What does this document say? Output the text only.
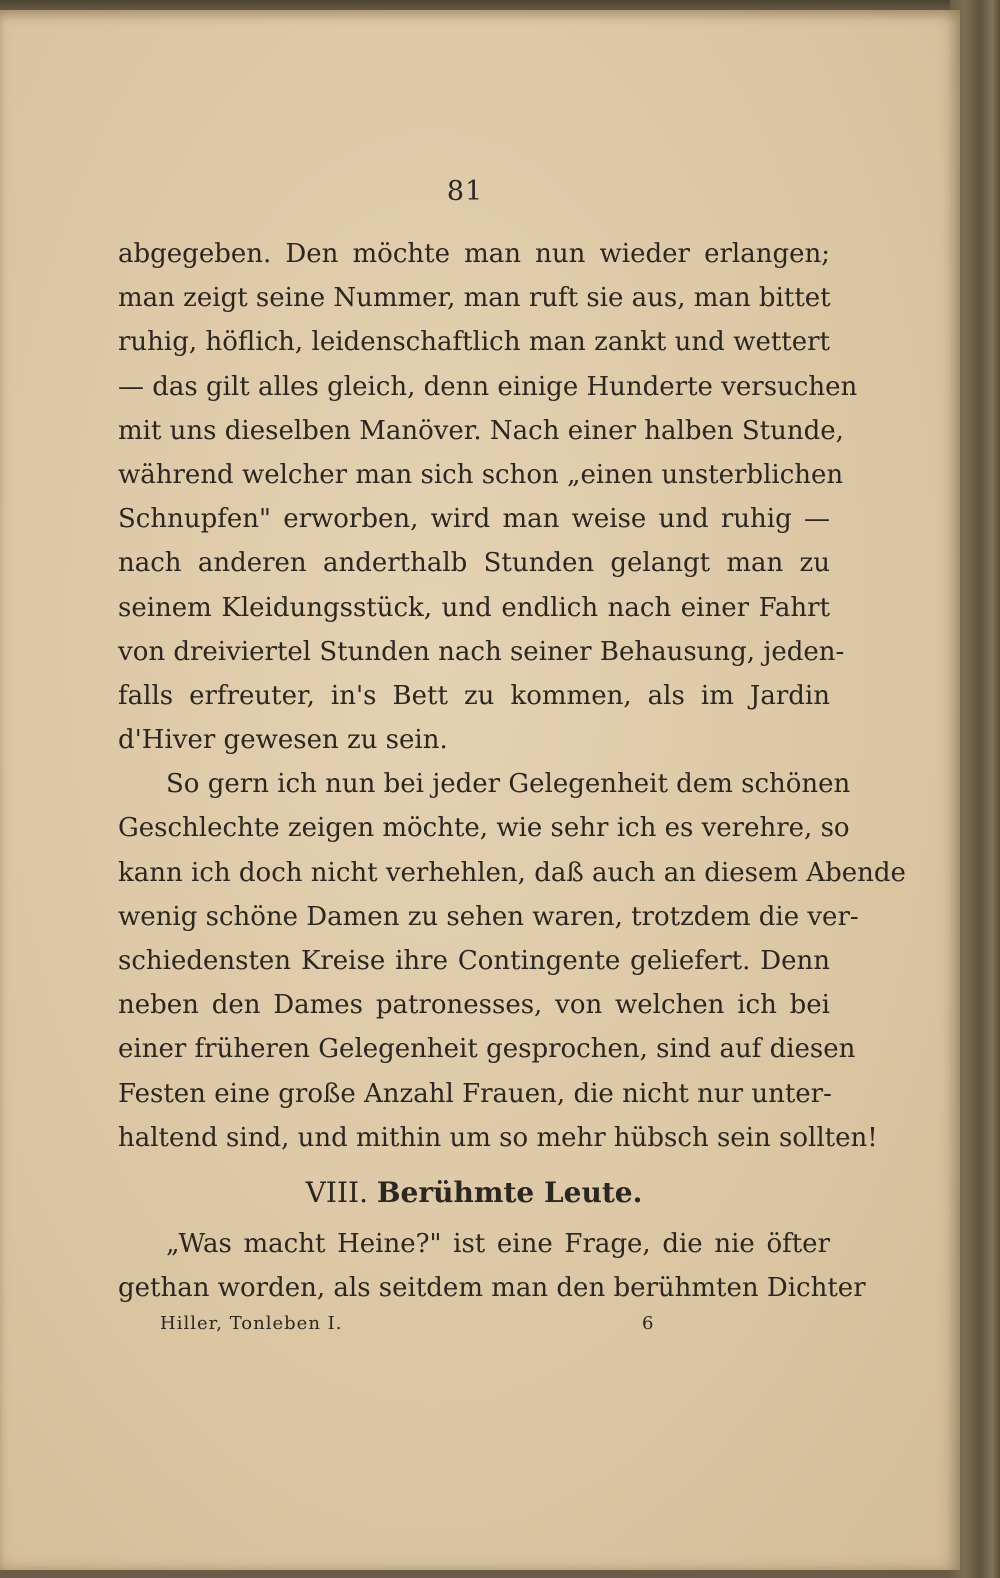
81
abgegeben. Den möchte man nun wieder erlangen;
man zeigt seine Nummer, man ruft sie aus, man bittet
ruhig, höflich, leidenschaftlich man zankt und wettert
— das gilt alles gleich, denn einige Hunderte versuchen
mit uns dieselben Manöver. Nach einer halben Stunde,
während welcher man sich schon „einen unsterblichen
Schnupfen" erworben, wird man weise und ruhig —
nach anderen anderthalb Stunden gelangt man zu
seinem Kleidungsstück, und endlich nach einer Fahrt
von dreiviertel Stunden nach seiner Behausung, jeden-
falls erfreuter, in's Bett zu kommen, als im Jardin
d'Hiver gewesen zu sein.
So gern ich nun bei jeder Gelegenheit dem schönen
Geschlechte zeigen möchte, wie sehr ich es verehre, so
kann ich doch nicht verhehlen, daß auch an diesem Abende
wenig schöne Damen zu sehen waren, trotzdem die ver-
schiedensten Kreise ihre Contingente geliefert. Denn
neben den Dames patronesses, von welchen ich bei
einer früheren Gelegenheit gesprochen, sind auf diesen
Festen eine große Anzahl Frauen, die nicht nur unter-
haltend sind, und mithin um so mehr hübsch sein sollten!
VIII. Berühmte Leute.
„Was macht Heine?" ist eine Frage, die nie öfter
gethan worden, als seitdem man den berühmten Dichter
Hiller, Tonleben I.	6
